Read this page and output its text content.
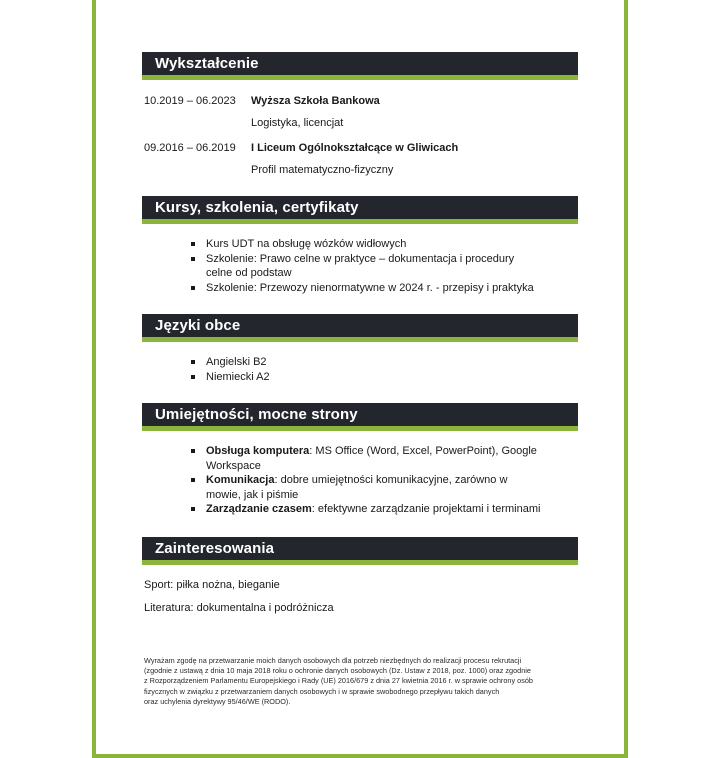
Wykształcenie
10.2019 – 06.2023 Wyższa Szkoła Bankowa
Logistyka, licencjat
09.2016 – 06.2019 I Liceum Ogólnokształcące w Gliwicach
Profil matematyczno-fizyczny
Kursy, szkolenia, certyfikaty
Kurs UDT na obsługę wózków widłowych
Szkolenie: Prawo celne w praktyce – dokumentacja i procedury celne od podstaw
Szkolenie: Przewozy nienormatywne w 2024 r. - przepisy i praktyka
Języki obce
Angielski B2
Niemiecki A2
Umiejętności, mocne strony
Obsługa komputera: MS Office (Word, Excel, PowerPoint), Google Workspace
Komunikacja: dobre umiejętności komunikacyjne, zarówno w mowie, jak i piśmie
Zarządzanie czasem: efektywne zarządzanie projektami i terminami
Zainteresowania
Sport: piłka nożna, bieganie
Literatura: dokumentalna i podróżnicza
Wyrażam zgodę na przetwarzanie moich danych osobowych dla potrzeb niezbędnych do realizacji procesu rekrutacji
(zgodnie z ustawą z dnia 10 maja 2018 roku o ochronie danych osobowych (Dz. Ustaw z 2018, poz. 1000) oraz zgodnie
z Rozporządzeniem Parlamentu Europejskiego i Rady (UE) 2016/679 z dnia 27 kwietnia 2016 r. w sprawie ochrony osób
fizycznych w związku z przetwarzaniem danych osobowych i w sprawie swobodnego przepływu takich danych
oraz uchylenia dyrektywy 95/46/WE (RODO).
